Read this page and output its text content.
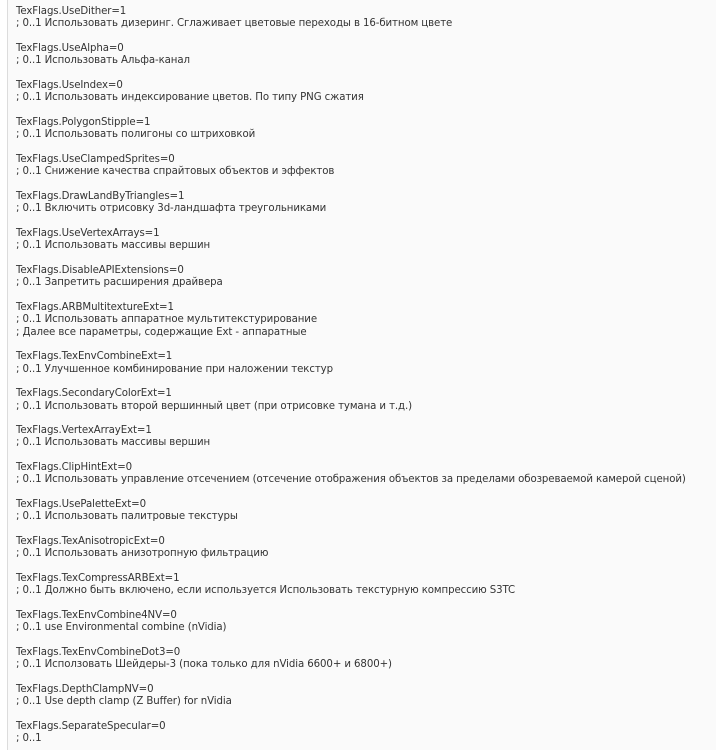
TexFlags.UseDither=1
; 0..1 Использовать дизеринг. Сглаживает цветовые переходы в 16-битном цвете
TexFlags.UseAlpha=0
; 0..1 Использовать Альфа-канал
TexFlags.UseIndex=0
; 0..1 Использовать индексирование цветов. По типу PNG сжатия
TexFlags.PolygonStipple=1
; 0..1 Использовать полигоны со штриховкой
TexFlags.UseClampedSprites=0
; 0..1 Снижение качества спрайтовых объектов и эффектов
TexFlags.DrawLandByTriangles=1
; 0..1 Включить отрисовку 3d-ландшафта треугольниками
TexFlags.UseVertexArrays=1
; 0..1 Использовать массивы вершин
TexFlags.DisableAPIExtensions=0
; 0..1 Запретить расширения драйвера
TexFlags.ARBMultitextureExt=1
; 0..1 Использовать аппаратное мультитекстурирование
; Далее все параметры, содержащие Ext - аппаратные
TexFlags.TexEnvCombineExt=1
; 0..1 Улучшенное комбинирование при наложении текстур
TexFlags.SecondaryColorExt=1
; 0..1 Использовать второй вершинный цвет (при отрисовке тумана и т.д.)
TexFlags.VertexArrayExt=1
; 0..1 Использовать массивы вершин
TexFlags.ClipHintExt=0
; 0..1 Использовать управление отсечением (отсечение отображения объектов за пределами обозреваемой камерой сценой)
TexFlags.UsePaletteExt=0
; 0..1 Использовать палитровые текстуры
TexFlags.TexAnisotropicExt=0
; 0..1 Использовать анизотропную фильтрацию
TexFlags.TexCompressARBExt=1
; 0..1 Должно быть включено, если используется Использовать текстурную компрессию S3TC
TexFlags.TexEnvCombine4NV=0
; 0..1 use Environmental combine (nVidia)
TexFlags.TexEnvCombineDot3=0
; 0..1 Исползовать Шейдеры-3 (пока только для nVidia 6600+ и 6800+)
TexFlags.DepthClampNV=0
; 0..1 Use depth clamp (Z Buffer) for nVidia
TexFlags.SeparateSpecular=0
; 0..1
